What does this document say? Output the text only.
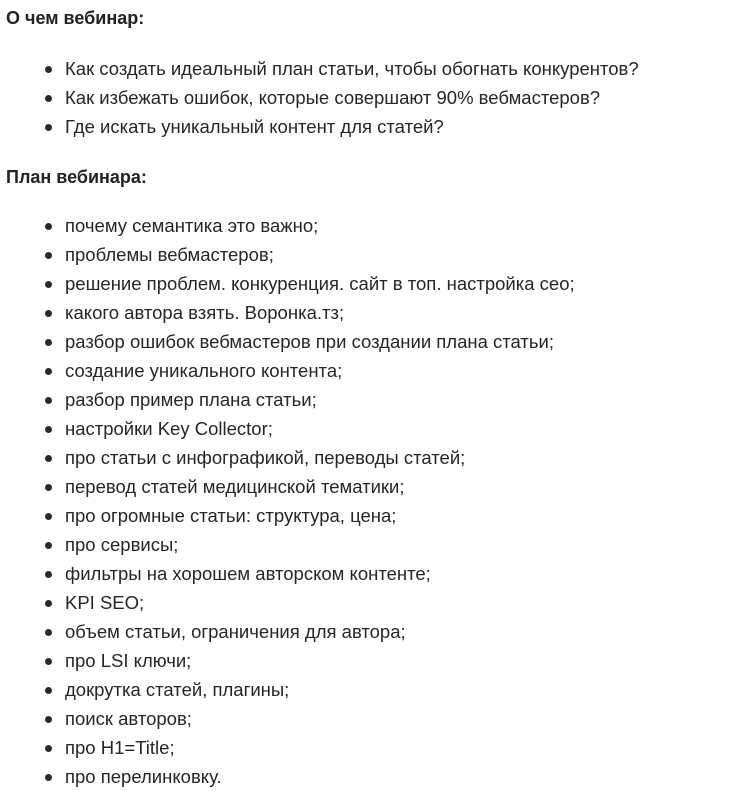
О чем вебинар:
Как создать идеальный план статьи, чтобы обогнать конкурентов?
Как избежать ошибок, которые совершают 90% вебмастеров?
Где искать уникальный контент для статей?
План вебинара:
почему семантика это важно;
проблемы вебмастеров;
решение проблем. конкуренция. сайт в топ. настройка сео;
какого автора взять. Воронка.тз;
разбор ошибок вебмастеров при создании плана статьи;
создание уникального контента;
разбор пример плана статьи;
настройки Key Collector;
про статьи с инфографикой, переводы статей;
перевод статей медицинской тематики;
про огромные статьи: структура, цена;
про сервисы;
фильтры на хорошем авторском контенте;
KPI SEO;
объем статьи, ограничения для автора;
про LSI ключи;
докрутка статей, плагины;
поиск авторов;
про H1=Title;
про перелинковку.
